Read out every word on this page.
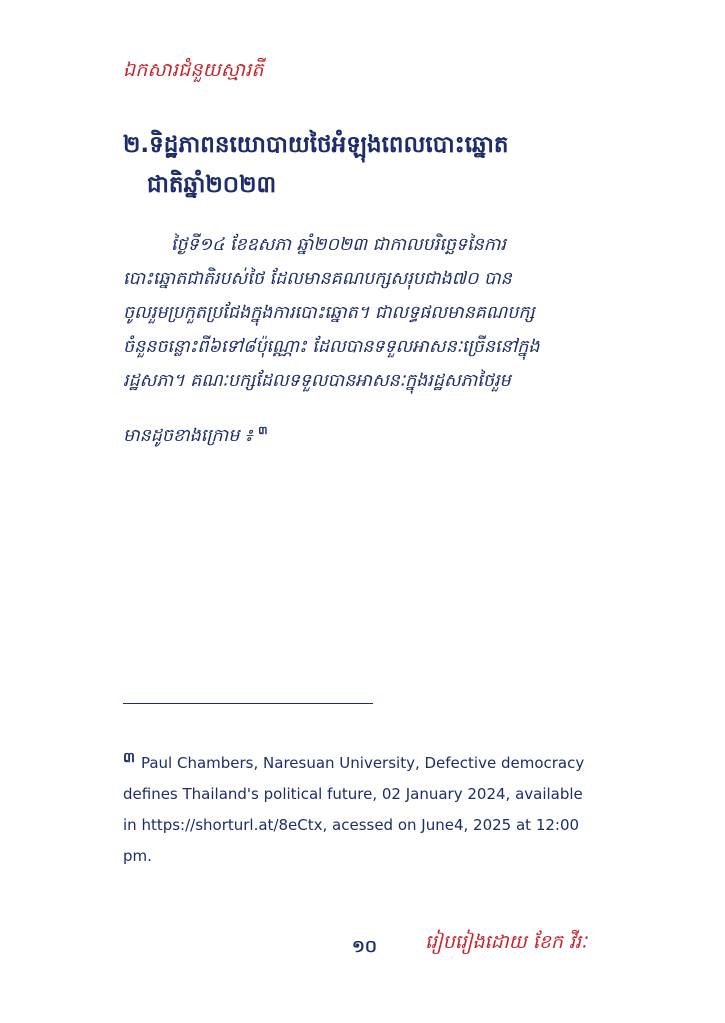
ឯកសារជំនួយស្មារតី
២.ទិដ្ឋភាពនយោបាយថៃអំឡុងពេលបោះឆ្នោត
ជាតិឆ្នាំ២០២៣
ថ្ងៃទី១៤ ខែឧសភា ឆ្នាំ២០២៣ ជាកាលបរិច្ឆេទនៃការ
បោះឆ្នោតជាតិរបស់ថៃ ដែលមានគណបក្សសរុបជាង៧០ បាន
ចូលរួមប្រកួតប្រជែងក្នុងការបោះឆ្នោត។ ជាលទ្ធផលមានគណបក្ស
ចំនួនចន្លោះពី៦ទៅ៨ប៉ុណ្ណោះ ដែលបានទទួលអាសនៈច្រើននៅក្នុង
រដ្ឋសភា។ គណៈបក្សដែលទទួលបានអាសនៈក្នុងរដ្ឋសភាថៃរួម
មានដូចខាងក្រោម ៖ $^៣$
៣ Paul Chambers, Naresuan University, Defective democracy
defines Thailand's political future, 02 January 2024, available
in https://shorturl.at/8eCtx, acessed on June4, 2025 at 12:00
pm.
១០	រៀបរៀងដោយ ខែក វីរៈ
